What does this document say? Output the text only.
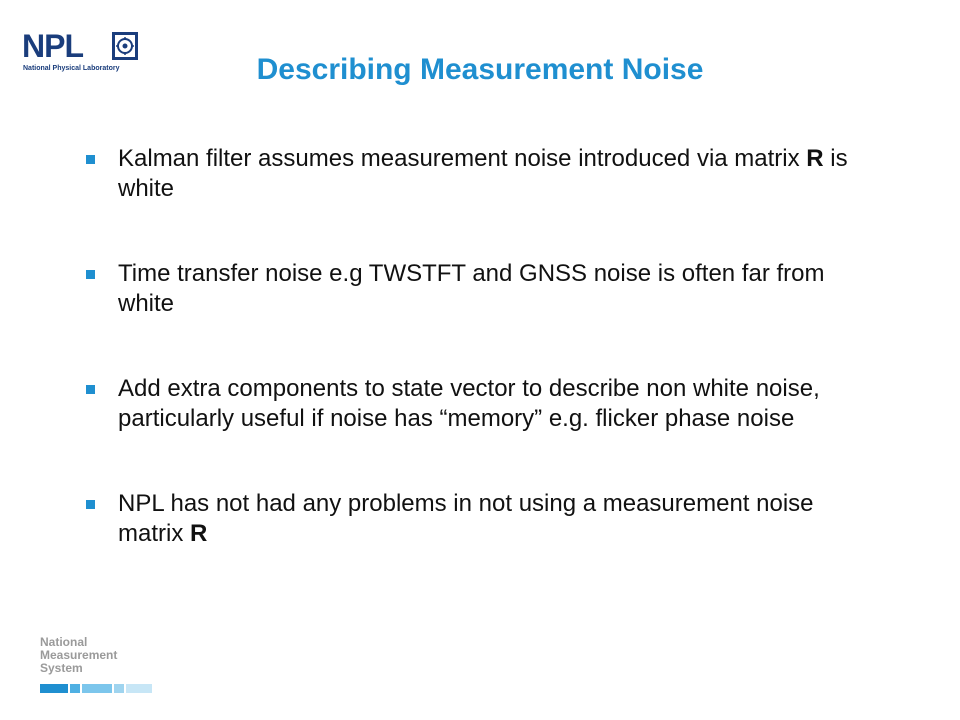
NPL
National Physical Laboratory	Describing Measurement Noise
Kalman filter assumes measurement noise introduced via matrix R is white
Time transfer noise e.g TWSTFT and GNSS noise is often far from white
Add extra components to state vector to describe non white noise, particularly useful if noise has “memory” e.g. flicker phase noise
NPL has not had any problems in not using a measurement noise matrix R
National
Measurement
System
